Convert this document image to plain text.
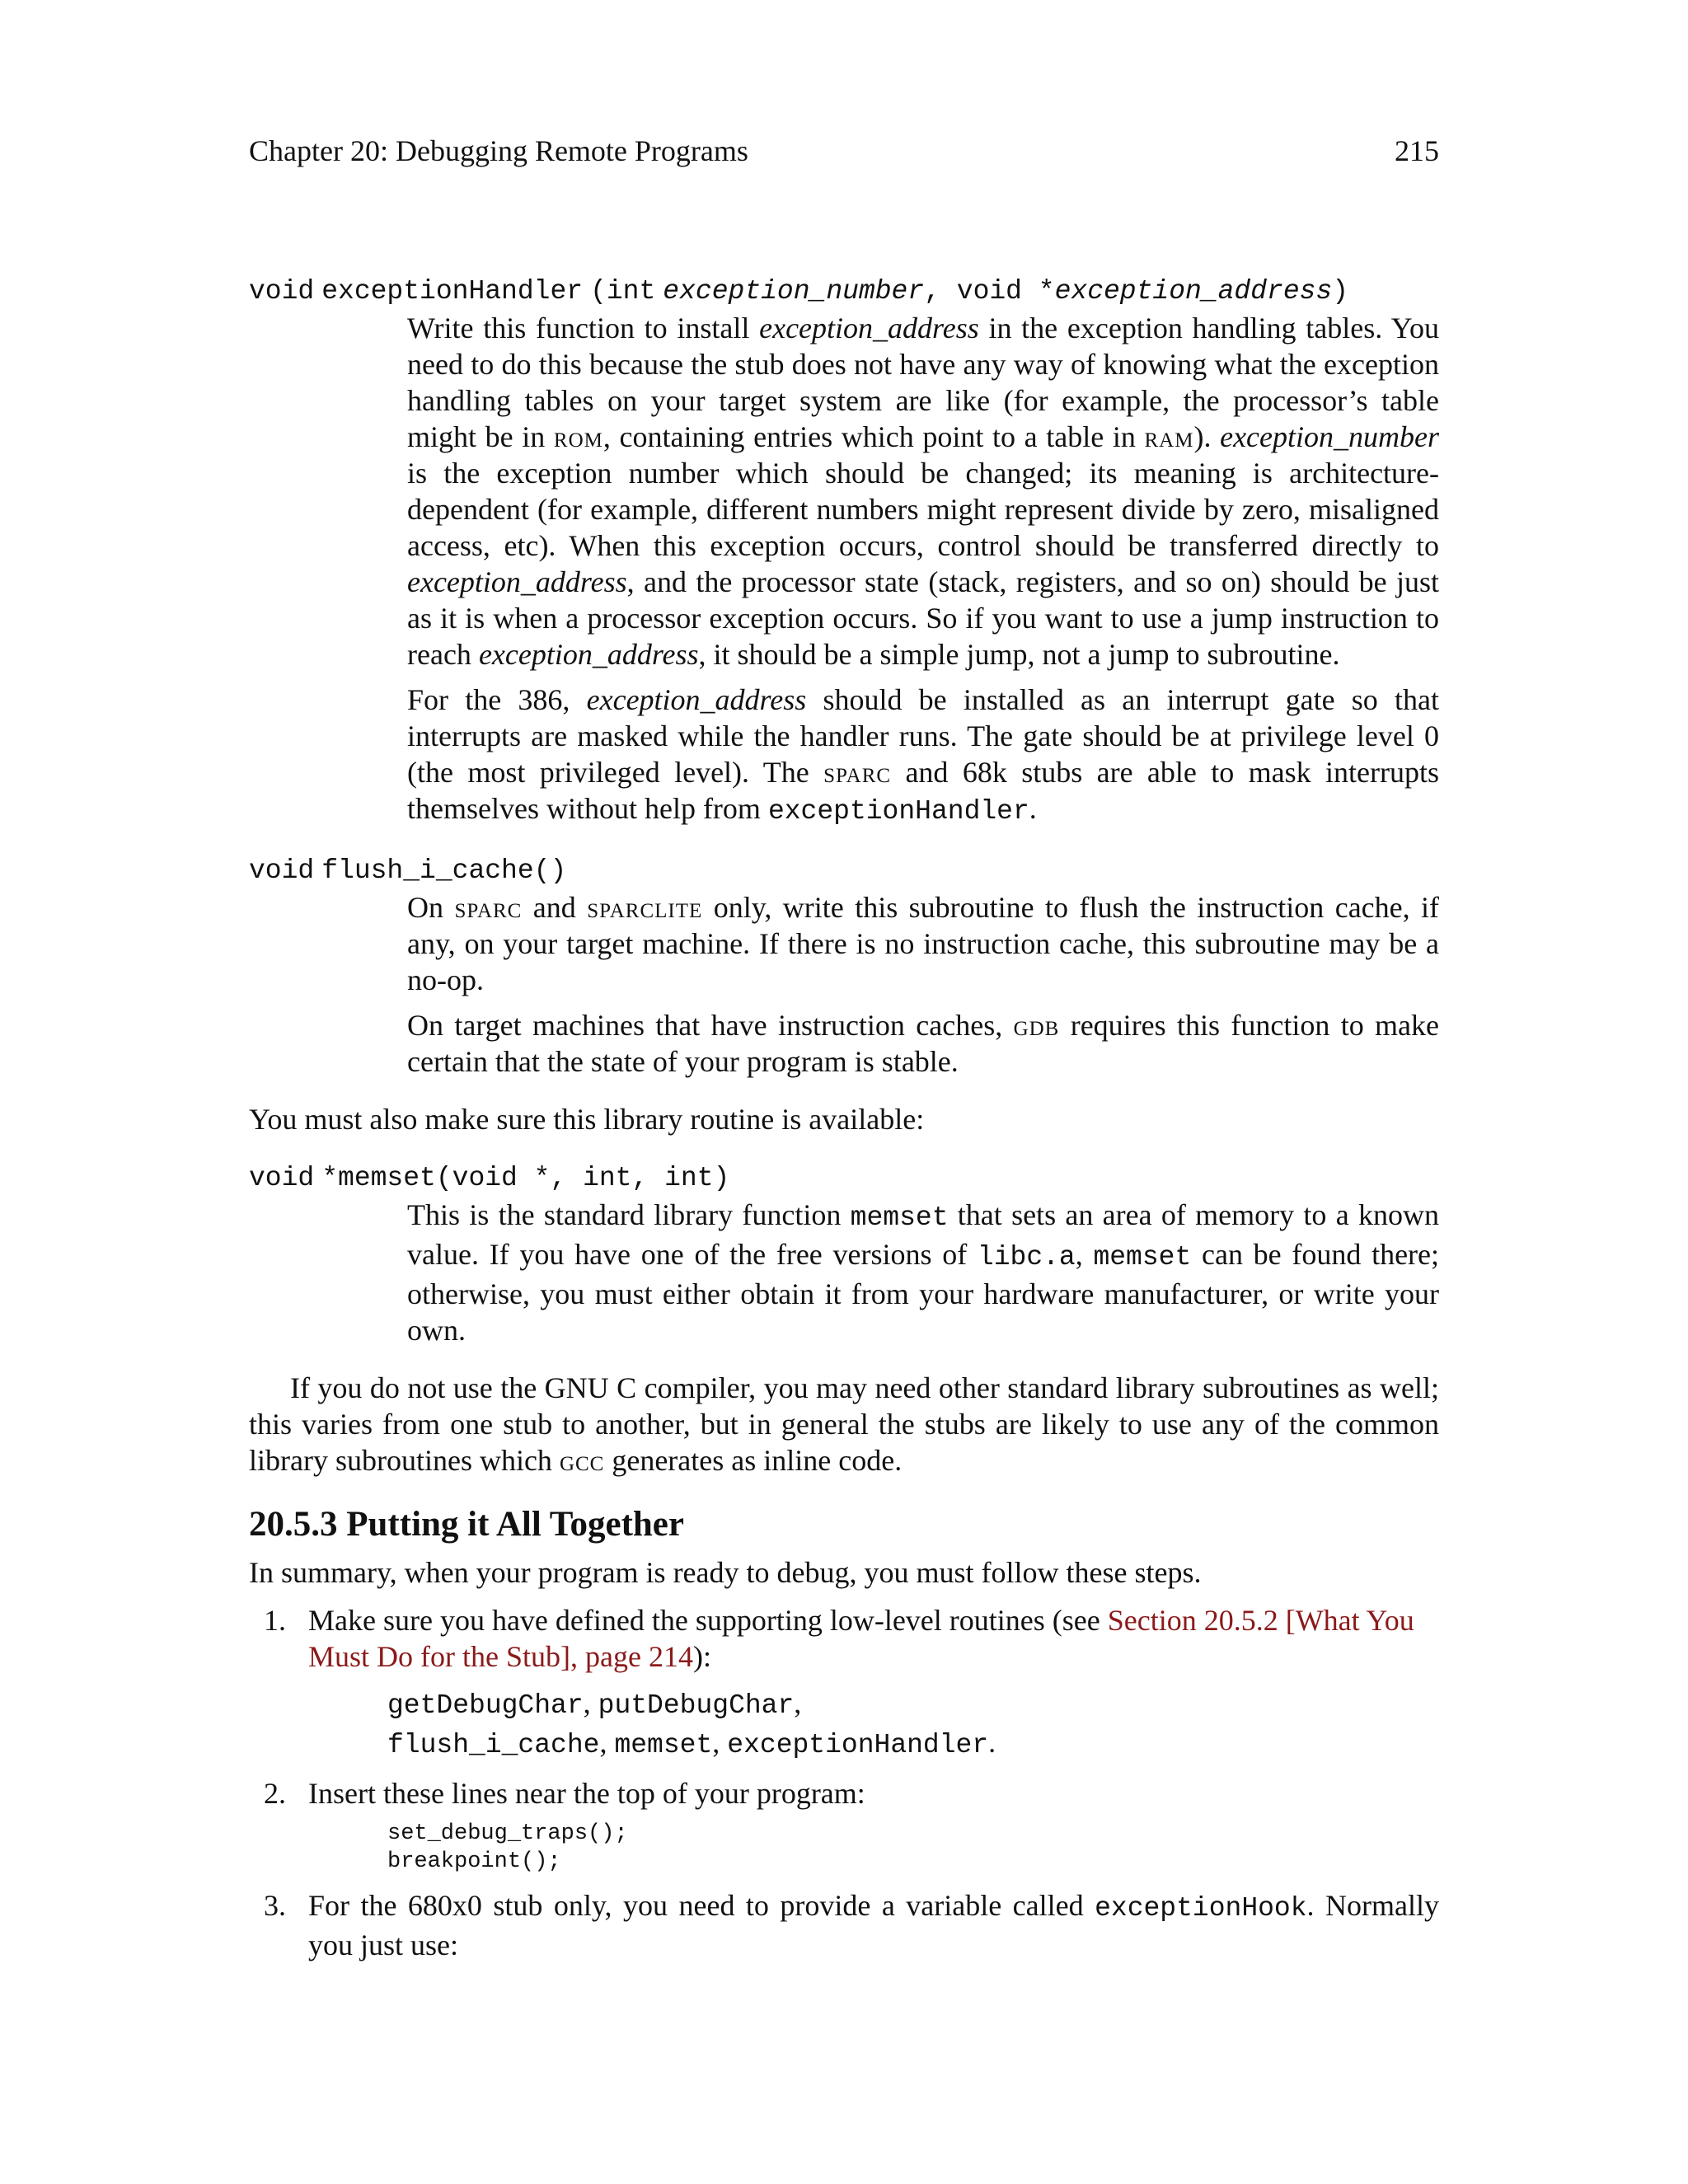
Chapter 20: Debugging Remote Programs	215
void exceptionHandler (int exception_number, void *exception_address)

Write this function to install exception_address in the exception handling tables. You need to do this because the stub does not have any way of knowing what the exception handling tables on your target system are like (for example, the processor’s table might be in rom, containing entries which point to a table in ram). exception_number is the exception number which should be changed; its meaning is architecture-dependent (for example, different numbers might represent divide by zero, misaligned access, etc). When this exception occurs, control should be transferred directly to exception_address, and the processor state (stack, registers, and so on) should be just as it is when a processor exception occurs. So if you want to use a jump instruction to reach exception_address, it should be a simple jump, not a jump to subroutine.

For the 386, exception_address should be installed as an interrupt gate so that interrupts are masked while the handler runs. The gate should be at privilege level 0 (the most privileged level). The sparc and 68k stubs are able to mask interrupts themselves without help from exceptionHandler.

void flush_i_cache()

On sparc and sparclite only, write this subroutine to flush the instruction cache, if any, on your target machine. If there is no instruction cache, this subroutine may be a no-op.

On target machines that have instruction caches, gdb requires this function to make certain that the state of your program is stable.

You must also make sure this library routine is available:

void *memset(void *, int, int)

This is the standard library function memset that sets an area of memory to a known value. If you have one of the free versions of libc.a, memset can be found there; otherwise, you must either obtain it from your hardware manufacturer, or write your own.

If you do not use the GNU C compiler, you may need other standard library subroutines as well; this varies from one stub to another, but in general the stubs are likely to use any of the common library subroutines which gcc generates as inline code.

20.5.3 Putting it All Together

In summary, when your program is ready to debug, you must follow these steps.

1. Make sure you have defined the supporting low-level routines (see Section 20.5.2 [What You Must Do for the Stub], page 214):
getDebugChar, putDebugChar,
flush_i_cache, memset, exceptionHandler.
2. Insert these lines near the top of your program:
set_debug_traps();
breakpoint();
3. For the 680x0 stub only, you need to provide a variable called exceptionHook. Normally you just use:
